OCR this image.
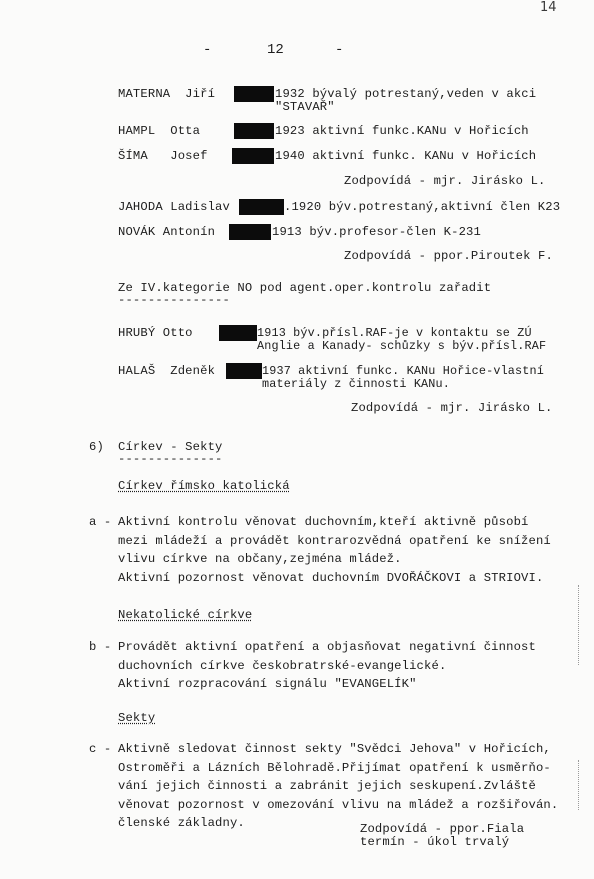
14
-	12	-
MATERNA  Jiří	1932 bývalý potrestaný,veden v akci
"STAVAŘ"
HAMPL  Otta	1923 aktivní funkc.KANu v Hořicích
ŠÍMA   Josef	1940 aktivní funkc. KANu v Hořicích
Zodpovídá - mjr. Jirásko L.
JAHODA Ladislav	.1920 býv.potrestaný,aktivní člen K23
NOVÁK Antonín	1913 býv.profesor-člen K-231
Zodpovídá - ppor.Piroutek F.
Ze IV.kategorie NO pod agent.oper.kontrolu zařadit
---------------
HRUBÝ Otto	1913 býv.přísl.RAF-je v kontaktu se ZÚ
Anglie a Kanady- schůzky s býv.přísl.RAF
HALAŠ  Zdeněk	1937 aktivní funkc. KANu Hořice-vlastní
materiály z činnosti KANu.
Zodpovídá - mjr. Jirásko L.
6) Církev - Sekty
--------------
Církev římsko katolická
a - Aktivní kontrolu věnovat duchovním,kteří aktivně působí
mezi mládeží a provádět kontrarozvědná opatření ke snížení
vlivu církve na občany,zejména mládež.
Aktivní pozornost věnovat duchovním DVOŘÁČKOVI a STRIOVI.
Nekatolické církve
b - Provádět aktivní opatření a objasňovat negativní činnost
duchovních církve českobratrské-evangelické.
Aktivní rozpracování signálu "EVANGELÍK"
Sekty
c - Aktivně sledovat činnost sekty "Svědci Jehova" v Hořicích,
Ostroměři a Lázních Bělohradě.Přijímat opatření k usměrňo-
vání jejich činnosti a zabránit jejich seskupení.Zvláště
věnovat pozornost v omezování vlivu na mládež a rozšiřován.
členské základny.	Zodpovídá - ppor.Fiala
termín - úkol trvalý
